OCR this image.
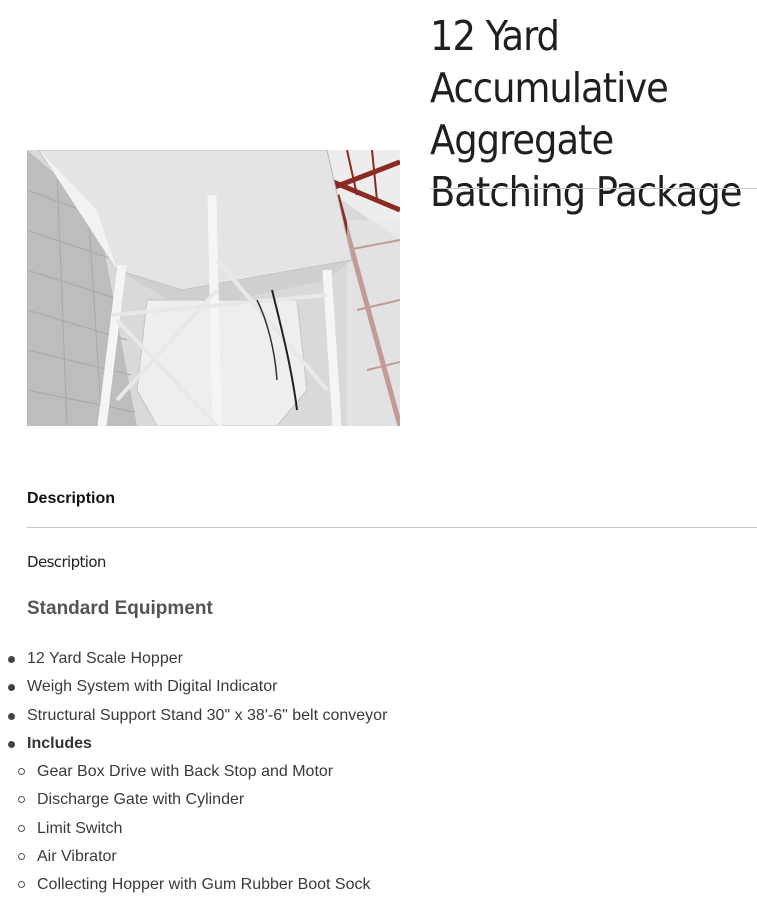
12 Yard Accumulative Aggregate Batching Package
Description
Description
Standard Equipment
12 Yard Scale Hopper
Weigh System with Digital Indicator
Structural Support Stand 30" x 38'-6" belt conveyor
Includes
Gear Box Drive with Back Stop and Motor
Discharge Gate with Cylinder
Limit Switch
Air Vibrator
Collecting Hopper with Gum Rubber Boot Sock
